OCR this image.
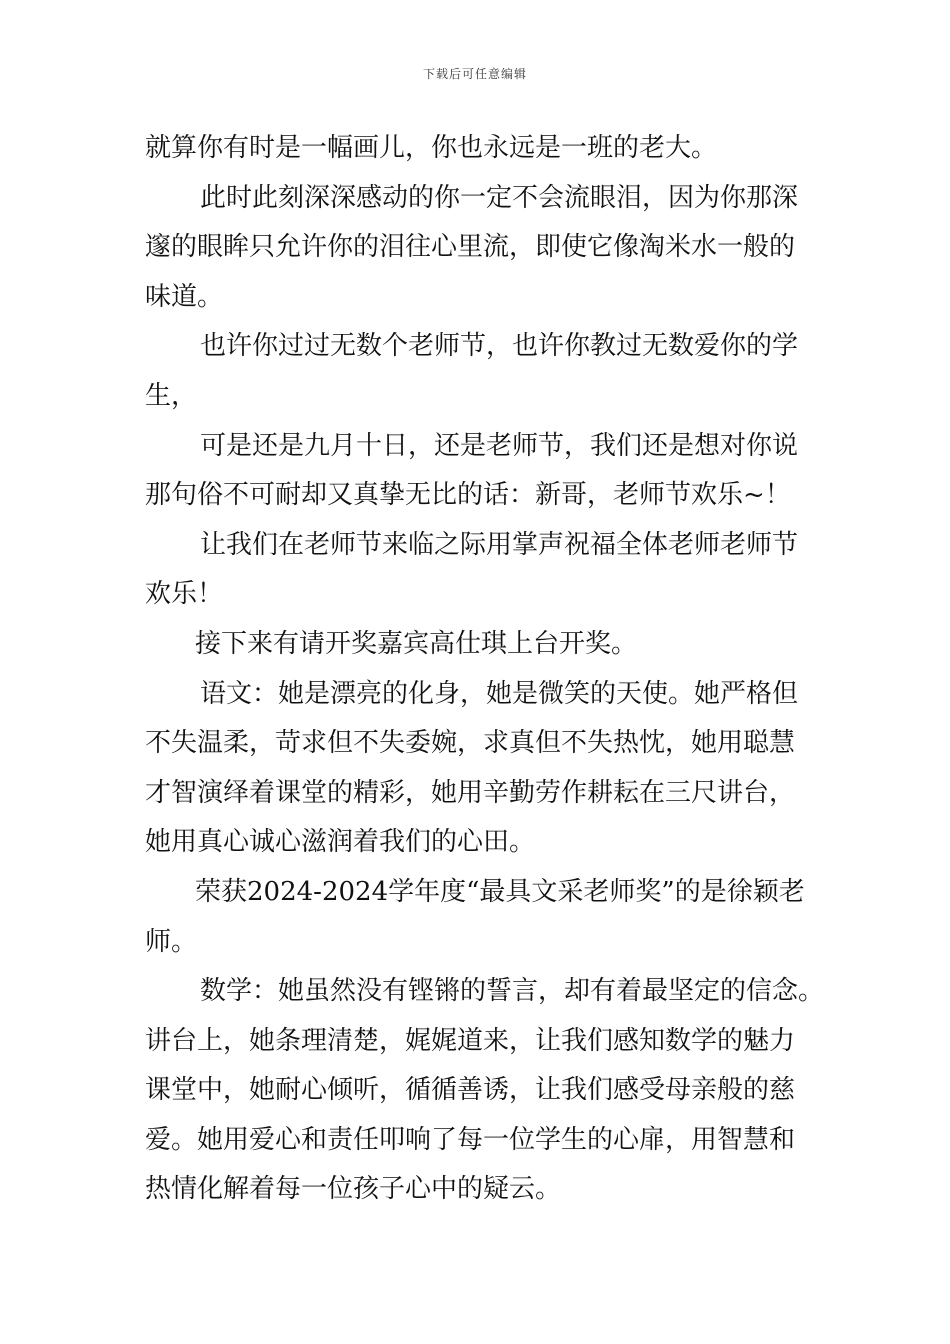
下载后可任意编辑

就算你有时是一幅画儿，你也永远是一班的老大。

此时此刻深深感动的你一定不会流眼泪，因为你那深

邃的眼眸只允许你的泪往心里流，即使它像淘米水一般的

味道。

也许你过过无数个老师节，也许你教过无数爱你的学

生，

可是还是九月十日，还是老师节，我们还是想对你说

那句俗不可耐却又真挚无比的话：新哥，老师节欢乐~！

让我们在老师节来临之际用掌声祝福全体老师老师节

欢乐！

接下来有请开奖嘉宾高仕琪上台开奖。

语文：她是漂亮的化身，她是微笑的天使。她严格但

不失温柔，苛求但不失委婉，求真但不失热忱，她用聪慧

才智演绎着课堂的精彩，她用辛勤劳作耕耘在三尺讲台，

她用真心诚心滋润着我们的心田。

荣获2024-2024学年度“最具文采老师奖”的是徐颖老

师。

数学：她虽然没有铿锵的誓言，却有着最坚定的信念。

讲台上，她条理清楚，娓娓道来，让我们感知数学的魅力

课堂中，她耐心倾听，循循善诱，让我们感受母亲般的慈

爱。她用爱心和责任叩响了每一位学生的心扉，用智慧和

热情化解着每一位孩子心中的疑云。
